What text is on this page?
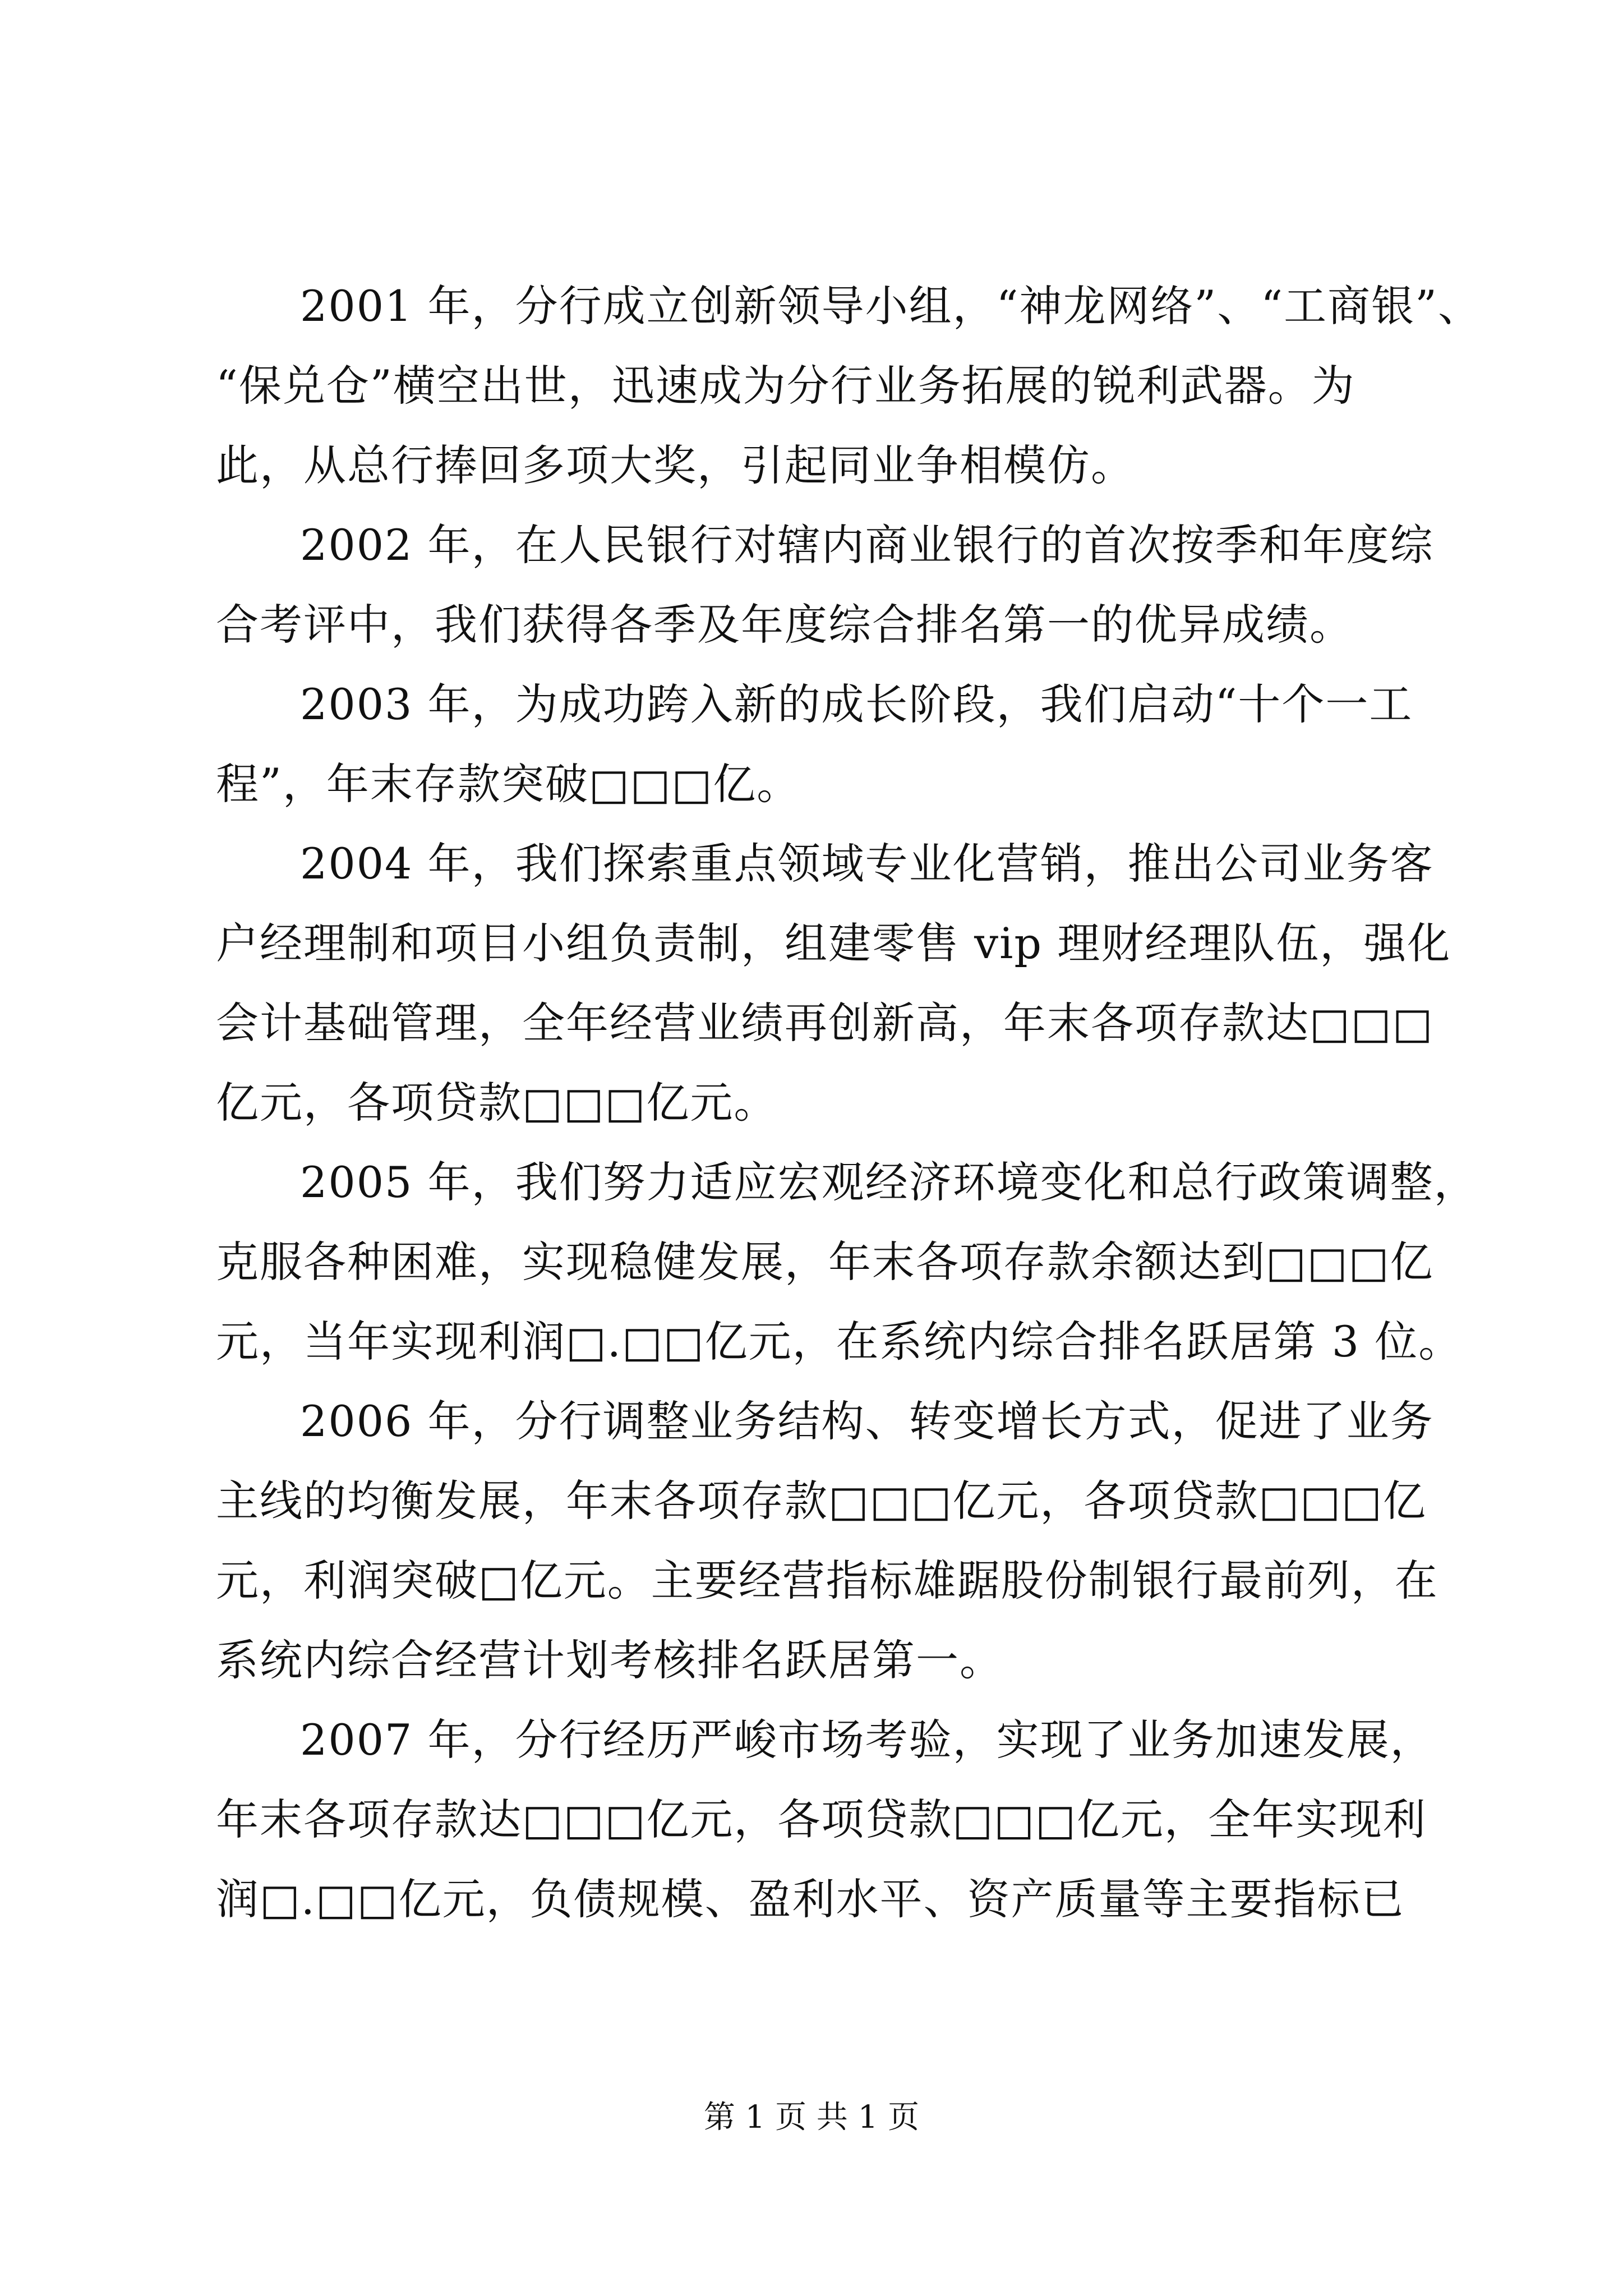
2001 年，分行成立创新领导小组，“神龙网络”、“工商银”、
“保兑仓”横空出世，迅速成为分行业务拓展的锐利武器。为
此，从总行捧回多项大奖，引起同业争相模仿。

2002 年，在人民银行对辖内商业银行的首次按季和年度综
合考评中，我们获得各季及年度综合排名第一的优异成绩。

2003 年，为成功跨入新的成长阶段，我们启动“十个一工
程”，年末存款突破□□□亿。

2004 年，我们探索重点领域专业化营销，推出公司业务客
户经理制和项目小组负责制，组建零售 vip 理财经理队伍，强化
会计基础管理，全年经营业绩再创新高，年末各项存款达□□□
亿元，各项贷款□□□亿元。

2005 年，我们努力适应宏观经济环境变化和总行政策调整，
克服各种困难，实现稳健发展，年末各项存款余额达到□□□亿
元，当年实现利润□.□□亿元，在系统内综合排名跃居第 3 位。

2006 年，分行调整业务结构、转变增长方式，促进了业务
主线的均衡发展，年末各项存款□□□亿元，各项贷款□□□亿
元，利润突破□亿元。主要经营指标雄踞股份制银行最前列，在
系统内综合经营计划考核排名跃居第一。

2007 年，分行经历严峻市场考验，实现了业务加速发展，
年末各项存款达□□□亿元，各项贷款□□□亿元，全年实现利
润□.□□亿元，负债规模、盈利水平、资产质量等主要指标已

第 1 页 共 1 页
